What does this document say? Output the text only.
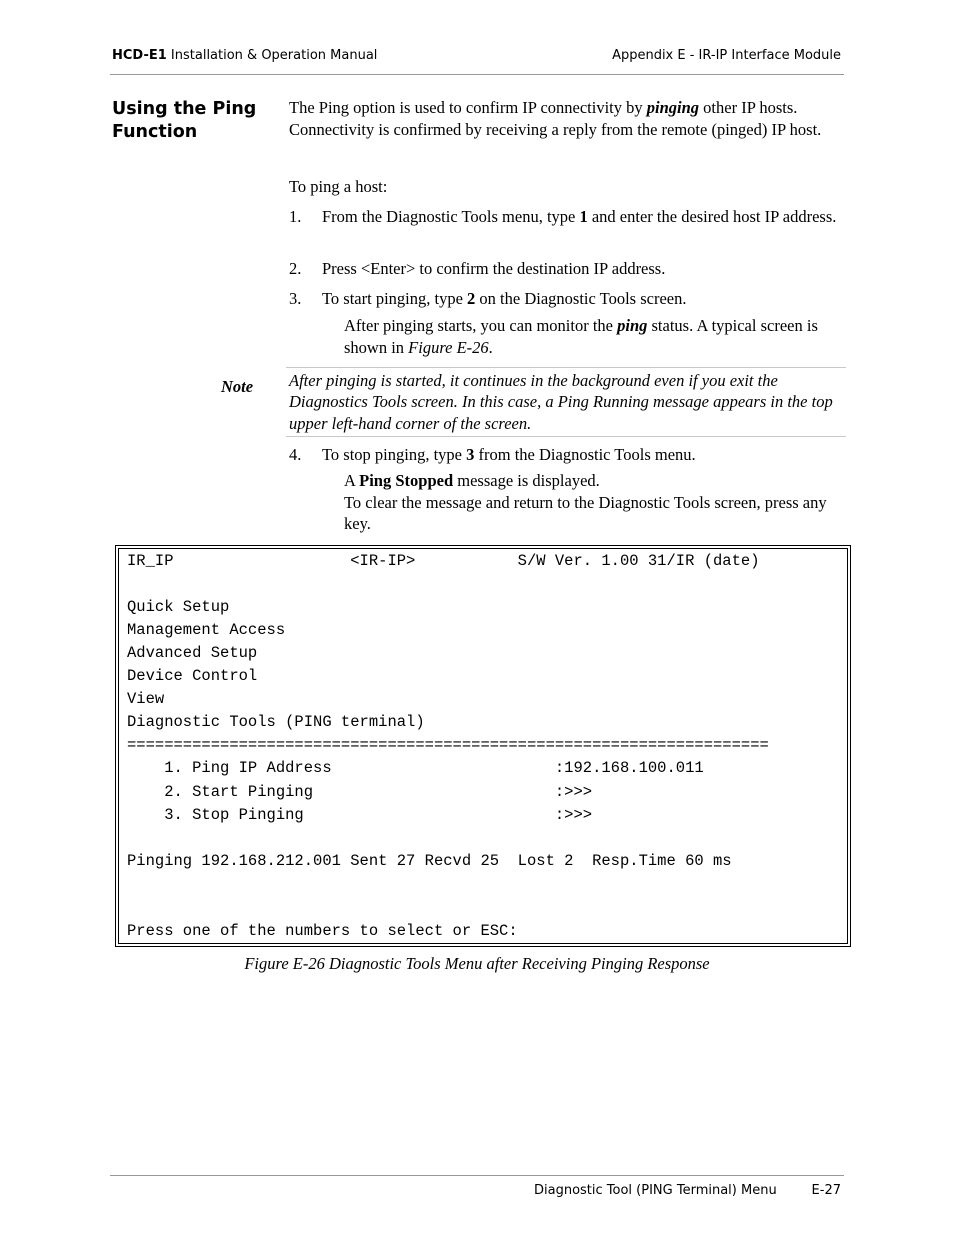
HCD-E1 Installation & Operation Manual	Appendix E - IR-IP Interface Module
Using the Ping Function
The Ping option is used to confirm IP connectivity by pinging other IP hosts. Connectivity is confirmed by receiving a reply from the remote (pinged) IP host.
To ping a host:
1. From the Diagnostic Tools menu, type 1 and enter the desired host IP address.
2. Press <Enter> to confirm the destination IP address.
3. To start pinging, type 2 on the Diagnostic Tools screen.
After pinging starts, you can monitor the ping status. A typical screen is shown in Figure E-26.
Note After pinging is started, it continues in the background even if you exit the Diagnostics Tools screen. In this case, a Ping Running message appears in the top upper left-hand corner of the screen.
4. To stop pinging, type 3 from the Diagnostic Tools menu.
A Ping Stopped message is displayed.
To clear the message and return to the Diagnostic Tools screen, press any key.
IR_IP                   <IR-IP>           S/W Ver. 1.00 31/IR (date)
Quick Setup
Management Access
Advanced Setup
Device Control
View
Diagnostic Tools (PING terminal)
=====================================================================
1. Ping IP Address                        :192.168.100.011
2. Start Pinging                          :>>>
3. Stop Pinging                           :>>>
Pinging 192.168.212.001 Sent 27 Recvd 25  Lost 2  Resp.Time 60 ms
Press one of the numbers to select or ESC:
Figure E-26 Diagnostic Tools Menu after Receiving Pinging Response
Diagnostic Tool (PING Terminal) Menu	E-27
